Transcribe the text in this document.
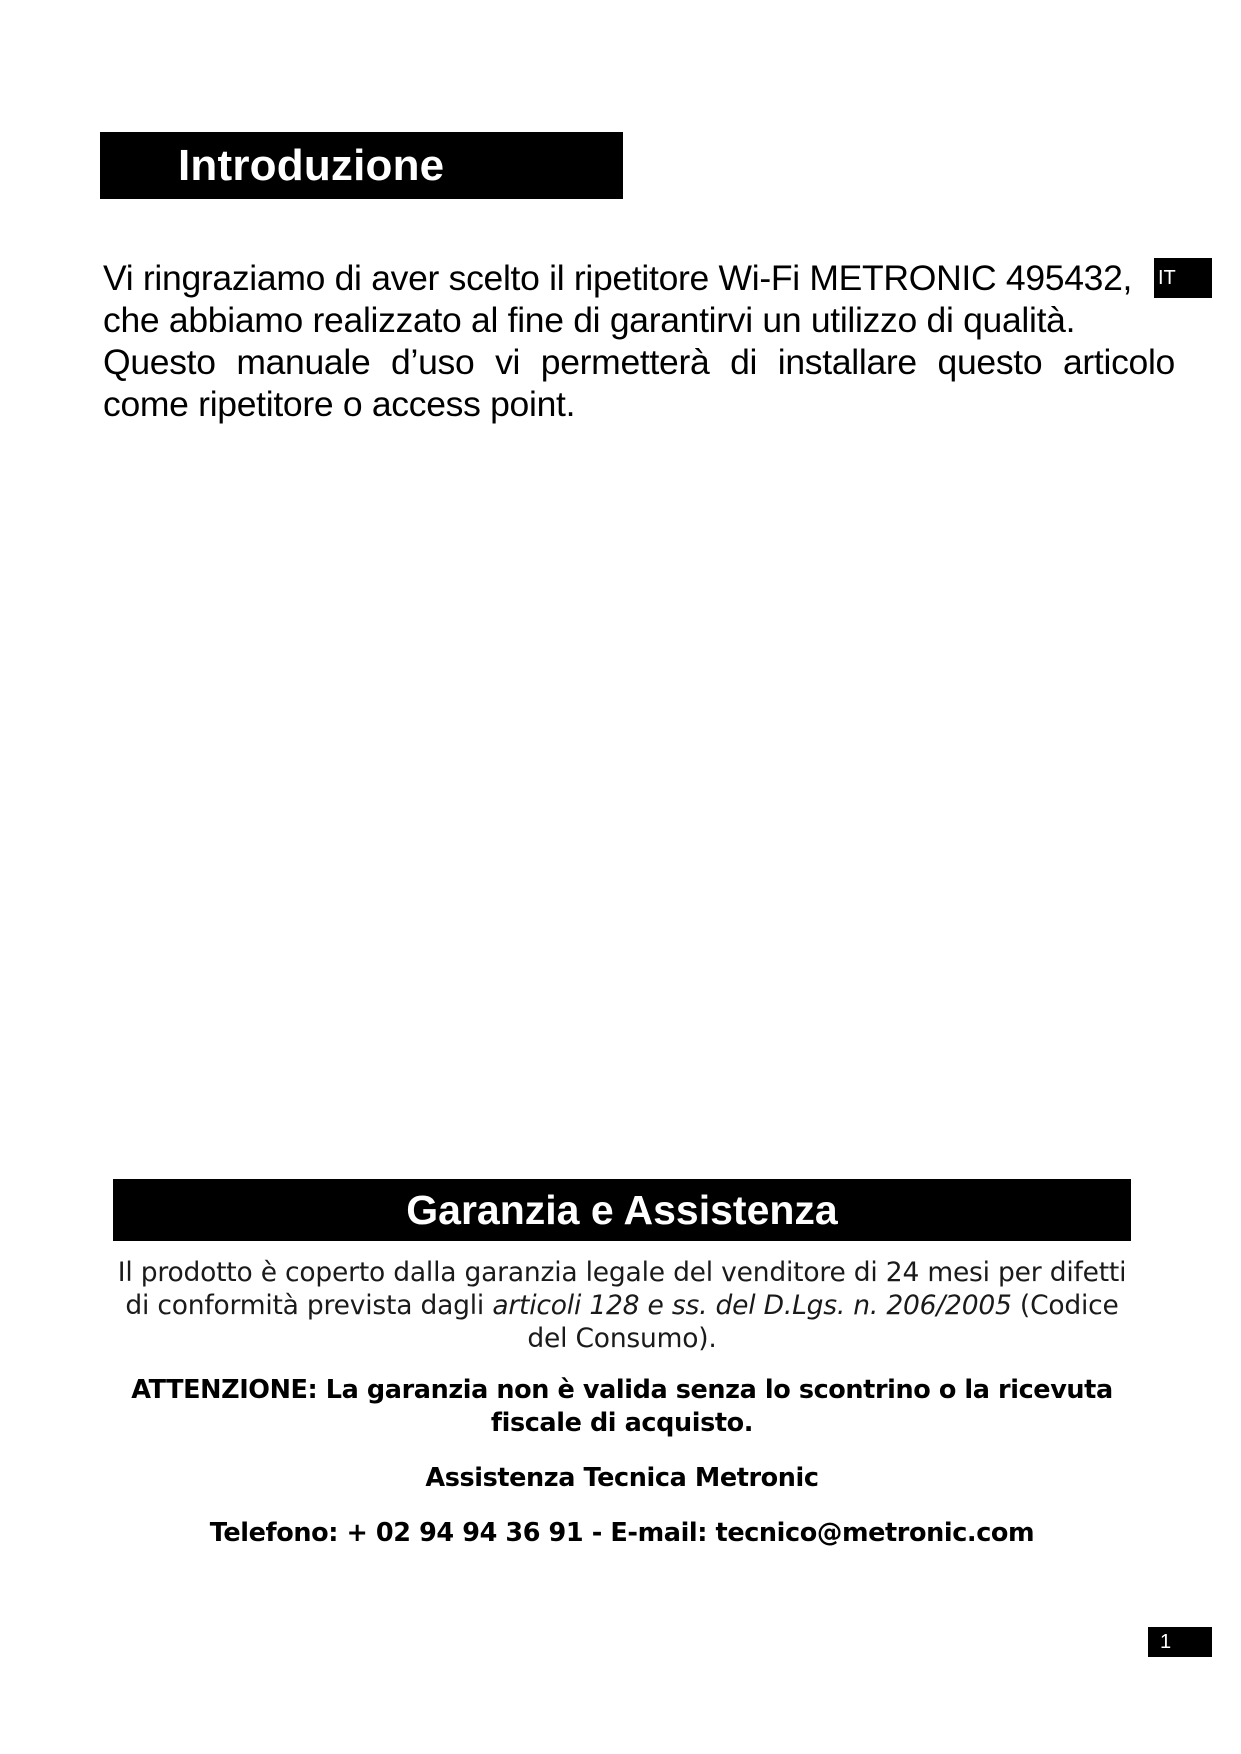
Introduzione
IT

Vi ringraziamo di aver scelto il ripetitore Wi-Fi METRONIC 495432,
che abbiamo realizzato al fine di garantirvi un utilizzo di qualità.
Questo manuale d’uso vi permetterà di installare questo articolo
come ripetitore o access point.

Garanzia e Assistenza

Il prodotto è coperto dalla garanzia legale del venditore di 24 mesi per difetti di conformità prevista dagli articoli 128 e ss. del D.Lgs. n. 206/2005 (Codice del Consumo).

ATTENZIONE: La garanzia non è valida senza lo scontrino o la ricevuta fiscale di acquisto.

Assistenza Tecnica Metronic

Telefono: + 02 94 94 36 91 - E-mail: tecnico@metronic.com

1
